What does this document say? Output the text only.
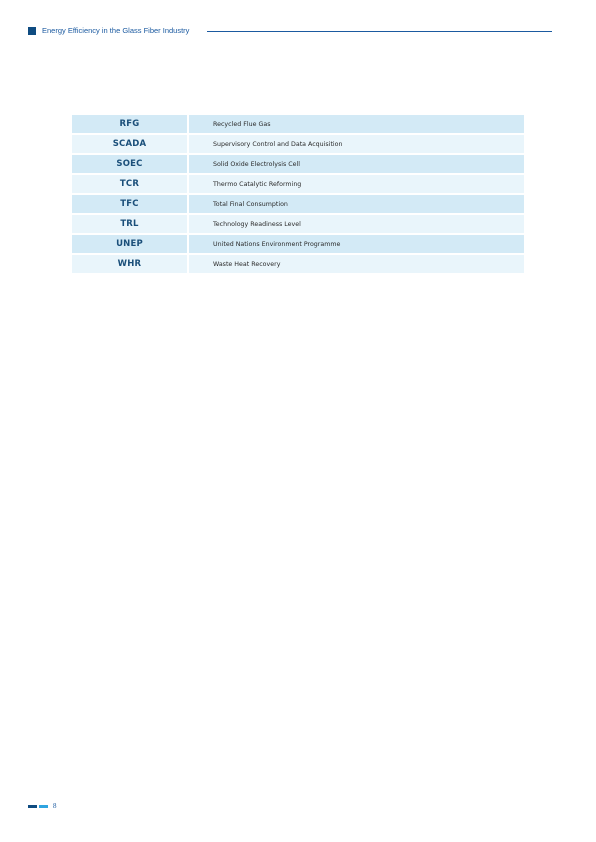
Energy Efficiency in the Glass Fiber Industry
RFG	Recycled Flue Gas
SCADA	Supervisory Control and Data Acquisition
SOEC	Solid Oxide Electrolysis Cell
TCR	Thermo Catalytic Reforming
TFC	Total Final Consumption
TRL	Technology Readiness Level
UNEP	United Nations Environment Programme
WHR	Waste Heat Recovery
8
